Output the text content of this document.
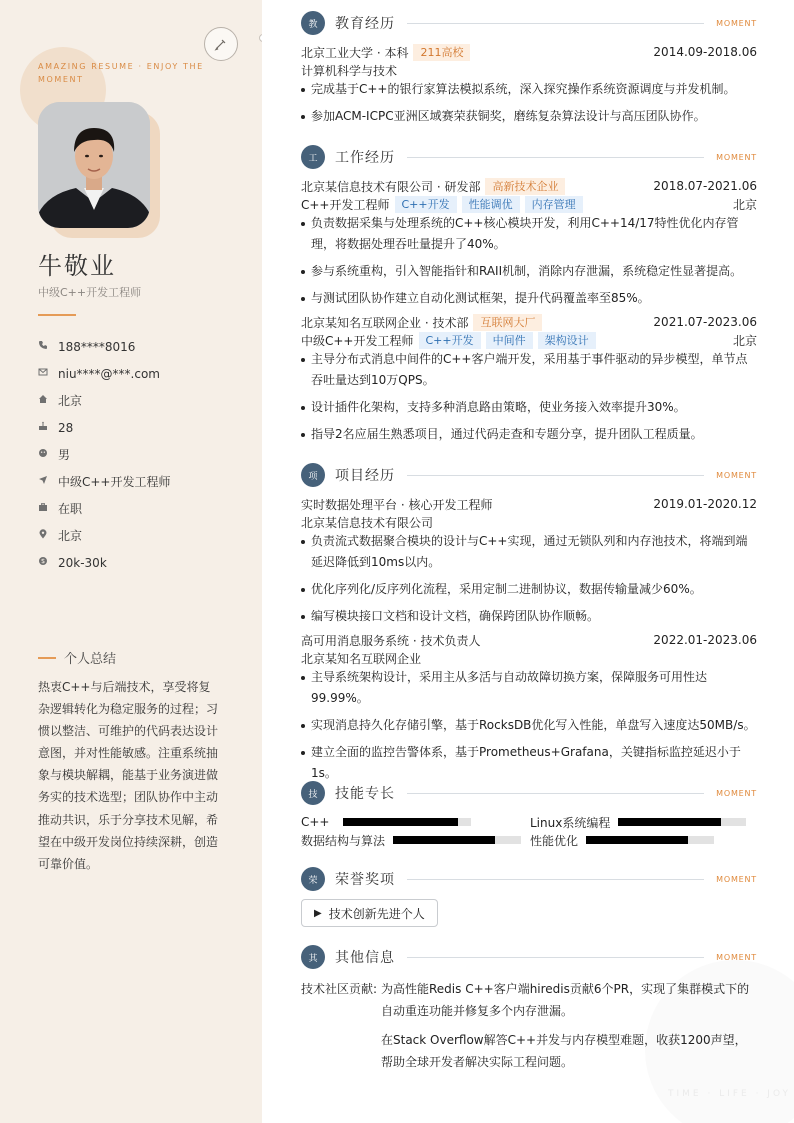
AMAZING RESUME · ENJOY THE MOMENT
牛敬业
中级C++开发工程师
188****8016
niu****@***.com
北京
28
男
中级C++开发工程师
在职
北京
20k-30k
个人总结

热衷C++与后端技术，享受将复杂逻辑转化为稳定服务的过程；习惯以整洁、可维护的代码表达设计意图，并对性能敏感。注重系统抽象与模块解耦，能基于业务演进做务实的技术选型；团队协作中主动推动共识，乐于分享技术见解，希望在中级开发岗位持续深耕，创造可靠价值。

TIME · LIFE · JOY
教	教育经历	MOMENT
北京工业大学 · 本科	211高校	2014.09-2018.06
计算机科学与技术
完成基于C++的银行家算法模拟系统，深入探究操作系统资源调度与并发机制。
参加ACM-ICPC亚洲区域赛荣获铜奖，磨练复杂算法设计与高压团队协作。
工	工作经历	MOMENT
北京某信息技术有限公司 · 研发部	高新技术企业	2018.07-2021.06
C++开发工程师	C++开发	性能调优	内存管理	北京
负责数据采集与处理系统的C++核心模块开发，利用C++14/17特性优化内存管理，将数据处理吞吐量提升了40%。
参与系统重构，引入智能指针和RAII机制，消除内存泄漏，系统稳定性显著提高。
与测试团队协作建立自动化测试框架，提升代码覆盖率至85%。
北京某知名互联网企业 · 技术部	互联网大厂	2021.07-2023.06
中级C++开发工程师	C++开发	中间件	架构设计	北京
主导分布式消息中间件的C++客户端开发，采用基于事件驱动的异步模型，单节点吞吐量达到10万QPS。
设计插件化架构，支持多种消息路由策略，使业务接入效率提升30%。
指导2名应届生熟悉项目，通过代码走查和专题分享，提升团队工程质量。
项	项目经历	MOMENT
实时数据处理平台 · 核心开发工程师	2019.01-2020.12
北京某信息技术有限公司
负责流式数据聚合模块的设计与C++实现，通过无锁队列和内存池技术，将端到端延迟降低到10ms以内。
优化序列化/反序列化流程，采用定制二进制协议，数据传输量减少60%。
编写模块接口文档和设计文档，确保跨团队协作顺畅。
高可用消息服务系统 · 技术负责人	2022.01-2023.06
北京某知名互联网企业
主导系统架构设计，采用主从多活与自动故障切换方案，保障服务可用性达99.99%。
实现消息持久化存储引擎，基于RocksDB优化写入性能，单盘写入速度达50MB/s。
建立全面的监控告警体系，基于Prometheus+Grafana，关键指标监控延迟小于1s。
技	技能专长	MOMENT
C++	Linux系统编程
数据结构与算法	性能优化
荣	荣誉奖项	MOMENT
▶ 技术创新先进个人
其	其他信息	MOMENT
技术社区贡献: 为高性能Redis C++客户端hiredis贡献6个PR，实现了集群模式下的自动重连功能并修复多个内存泄漏。

在Stack Overflow解答C++并发与内存模型难题，收获1200声望，帮助全球开发者解决实际工程问题。
